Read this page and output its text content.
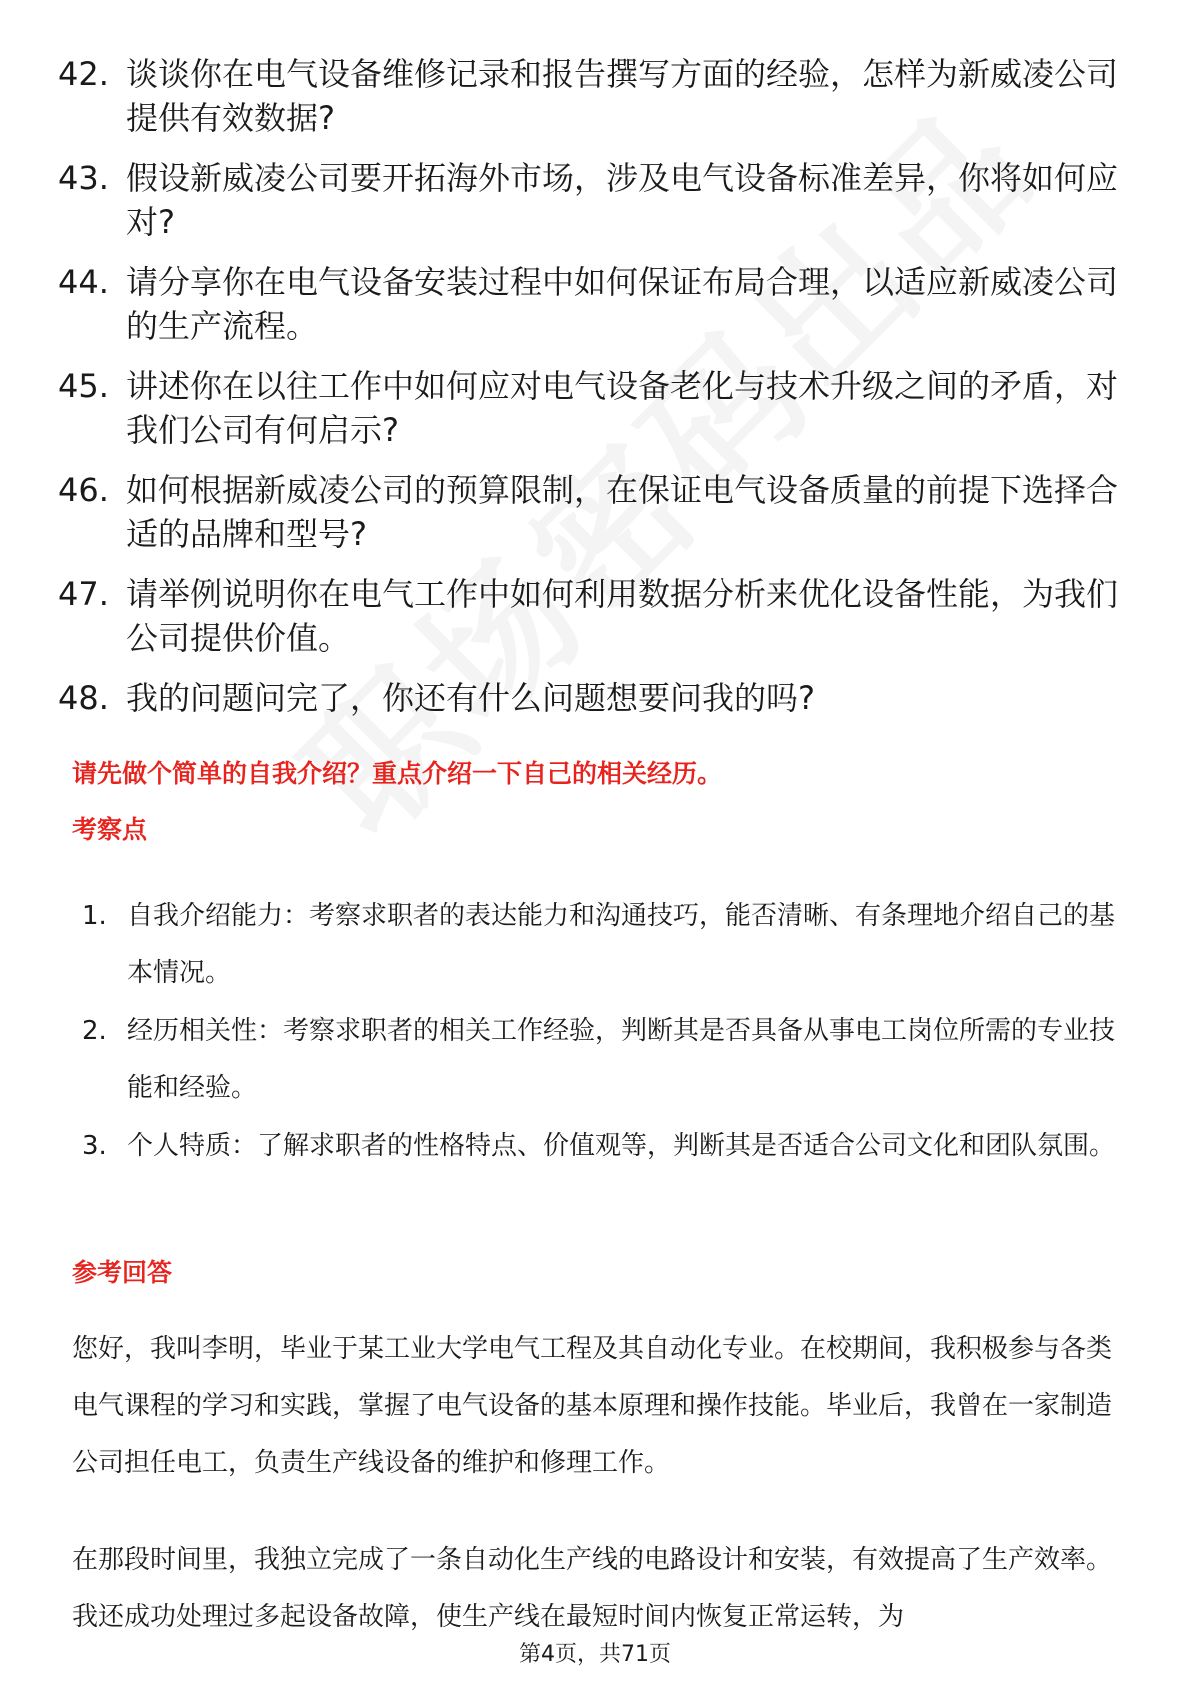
42. 谈谈你在电气设备维修记录和报告撰写方面的经验，怎样为新威凌公司提供有效数据?
43. 假设新威凌公司要开拓海外市场，涉及电气设备标准差异，你将如何应对?
44. 请分享你在电气设备安装过程中如何保证布局合理，以适应新威凌公司的生产流程。
45. 讲述你在以往工作中如何应对电气设备老化与技术升级之间的矛盾，对我们公司有何启示?
46. 如何根据新威凌公司的预算限制，在保证电气设备质量的前提下选择合适的品牌和型号?
47. 请举例说明你在电气工作中如何利用数据分析来优化设备性能，为我们公司提供价值。
48. 我的问题问完了，你还有什么问题想要问我的吗?
请先做个简单的自我介绍？重点介绍一下自己的相关经历。
考察点
1. 自我介绍能力：考察求职者的表达能力和沟通技巧，能否清晰、有条理地介绍自己的基本情况。
2. 经历相关性：考察求职者的相关工作经验，判断其是否具备从事电工岗位所需的专业技能和经验。
3. 个人特质：了解求职者的性格特点、价值观等，判断其是否适合公司文化和团队氛围。
参考回答
您好，我叫李明，毕业于某工业大学电气工程及其自动化专业。在校期间，我积极参与各类电气课程的学习和实践，掌握了电气设备的基本原理和操作技能。毕业后，我曾在一家制造公司担任电工，负责生产线设备的维护和修理工作。
在那段时间里，我独立完成了一条自动化生产线的电路设计和安装，有效提高了生产效率。我还成功处理过多起设备故障，使生产线在最短时间内恢复正常运转，为
第4页，共71页
